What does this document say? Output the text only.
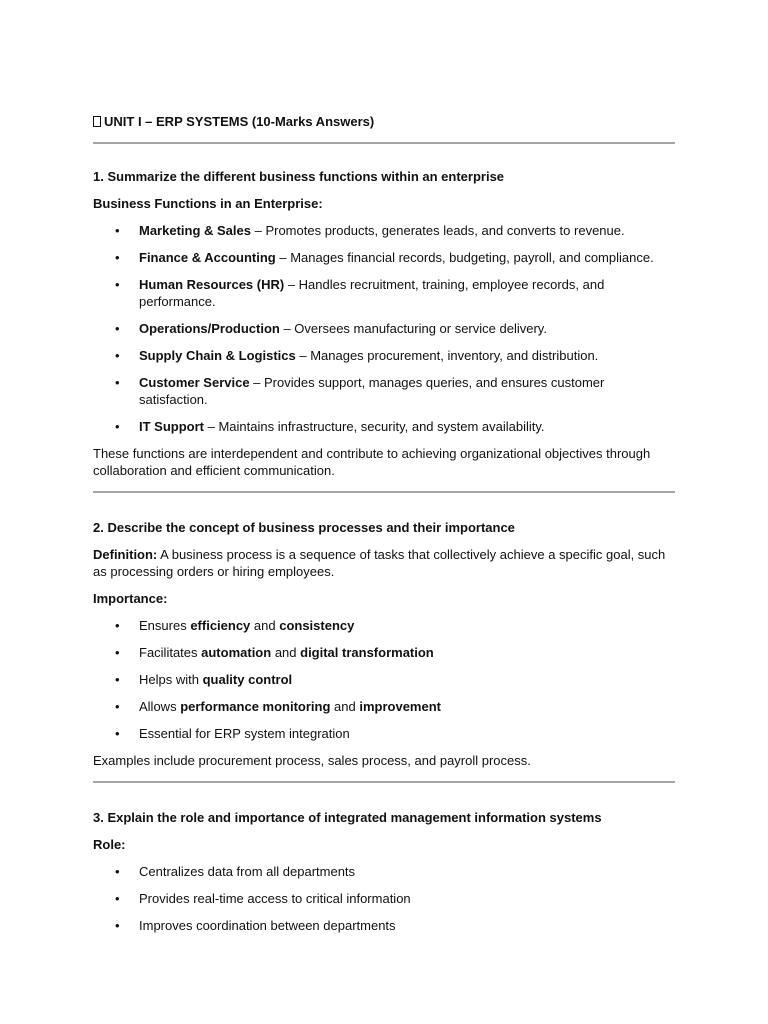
UNIT I – ERP SYSTEMS (10-Marks Answers)

1. Summarize the different business functions within an enterprise

Business Functions in an Enterprise:

• Marketing & Sales – Promotes products, generates leads, and converts to revenue.
• Finance & Accounting – Manages financial records, budgeting, payroll, and compliance.
• Human Resources (HR) – Handles recruitment, training, employee records, and performance.
• Operations/Production – Oversees manufacturing or service delivery.
• Supply Chain & Logistics – Manages procurement, inventory, and distribution.
• Customer Service – Provides support, manages queries, and ensures customer satisfaction.
• IT Support – Maintains infrastructure, security, and system availability.

These functions are interdependent and contribute to achieving organizational objectives through collaboration and efficient communication.

2. Describe the concept of business processes and their importance

Definition: A business process is a sequence of tasks that collectively achieve a specific goal, such as processing orders or hiring employees.

Importance:

• Ensures efficiency and consistency
• Facilitates automation and digital transformation
• Helps with quality control
• Allows performance monitoring and improvement
• Essential for ERP system integration

Examples include procurement process, sales process, and payroll process.

3. Explain the role and importance of integrated management information systems

Role:

• Centralizes data from all departments
• Provides real-time access to critical information
• Improves coordination between departments
